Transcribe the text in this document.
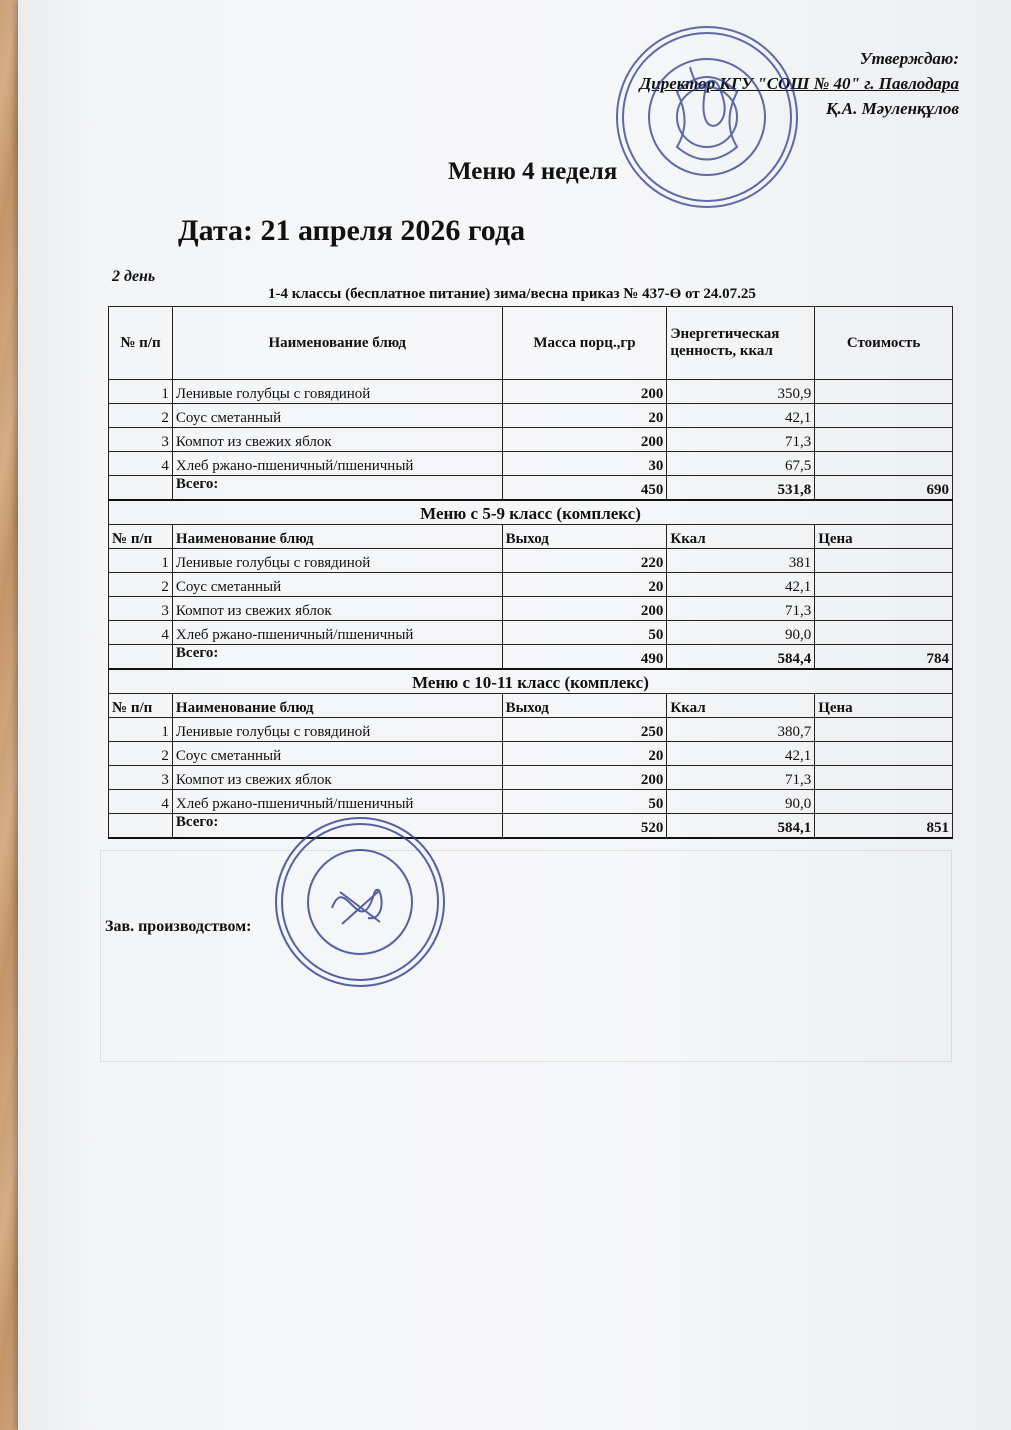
Утверждаю:
Директор КГУ "СОШ № 40" г. Павлодара
Қ.А. Мәуленқұлов
Меню 4 неделя
Дата: 21 апреля 2026 года
2 день
1-4 классы (бесплатное питание) зима/весна приказ № 437-Ө от 24.07.25
№ п/п	Наименование блюд	Масса порц.,гр	Энергетическая ценность, ккал	Стоимость
1	Ленивые голубцы с говядиной	200	350,9	
2	Соус сметанный	20	42,1	
3	Компот из свежих яблок	200	71,3	
4	Хлеб ржано-пшеничный/пшеничный	30	67,5	
	Всего:	450	531,8	690
Меню с 5-9 класс (комплекс)				
№ п/п	Наименование блюд	Выход	Ккал	Цена
1	Ленивые голубцы с говядиной	220	381	
2	Соус сметанный	20	42,1	
3	Компот из свежих яблок	200	71,3	
4	Хлеб ржано-пшеничный/пшеничный	50	90,0	
	Всего:	490	584,4	784
Меню с 10-11 класс (комплекс)				
№ п/п	Наименование блюд	Выход	Ккал	Цена
1	Ленивые голубцы с говядиной	250	380,7	
2	Соус сметанный	20	42,1	
3	Компот из свежих яблок	200	71,3	
4	Хлеб ржано-пшеничный/пшеничный	50	90,0	
	Всего:	520	584,1	851
Зав. производством:
